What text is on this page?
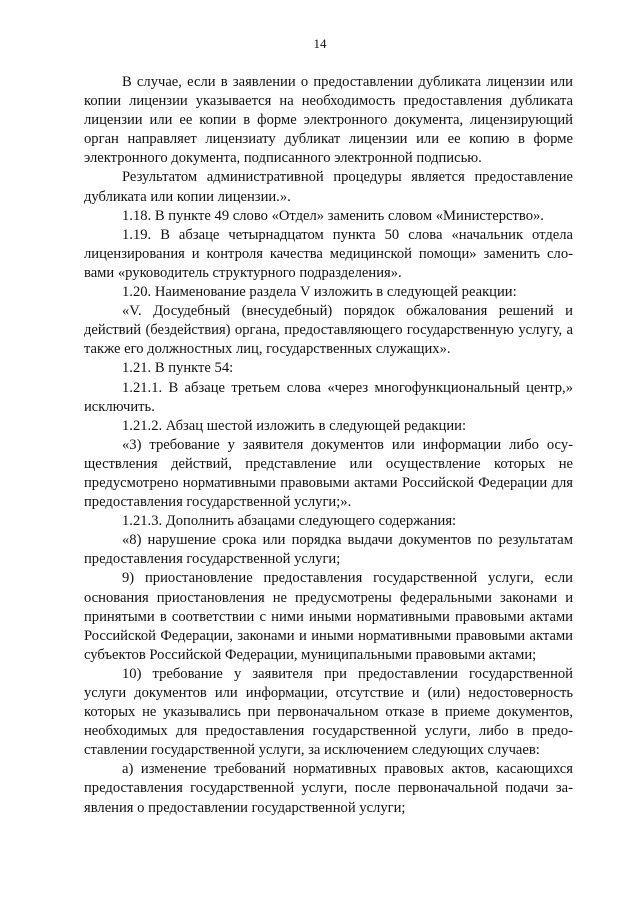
14

В случае, если в заявлении о предоставлении дубликата лицензии или копии лицензии указывается на необходимость предоставления дубликата лицензии или ее копии в форме электронного документа, лицензирующий орган направляет лицензиату дубликат лицензии или ее копию в форме электронного документа, подписанного электронной подписью.

Результатом административной процедуры является предоставление дубликата или копии лицензии.».

1.18. В пункте 49 слово «Отдел» заменить словом «Министерство».

1.19. В абзаце четырнадцатом пункта 50 слова «начальник отдела лицензирования и контроля качества медицинской помощи» заменить словами «руководитель структурного подразделения».

1.20. Наименование раздела V изложить в следующей реакции:

«V. Досудебный (внесудебный) порядок обжалования решений и действий (бездействия) органа, предоставляющего государственную услугу, а также его должностных лиц, государственных служащих».

1.21. В пункте 54:

1.21.1. В абзаце третьем слова «через многофункциональный центр,» исключить.

1.21.2. Абзац шестой изложить в следующей редакции:

«3) требование у заявителя документов или информации либо осуществления действий, представление или осуществление которых не предусмотрено нормативными правовыми актами Российской Федерации для предоставления государственной услуги;».

1.21.3. Дополнить абзацами следующего содержания:

«8) нарушение срока или порядка выдачи документов по результатам предоставления государственной услуги;

9) приостановление предоставления государственной услуги, если основания приостановления не предусмотрены федеральными законами и принятыми в соответствии с ними иными нормативными правовыми актами Российской Федерации, законами и иными нормативными правовыми актами субъектов Российской Федерации, муниципальными правовыми актами;

10) требование у заявителя при предоставлении государственной услуги документов или информации, отсутствие и (или) недостоверность которых не указывались при первоначальном отказе в приеме документов, необходимых для предоставления государственной услуги, либо в предоставлении государственной услуги, за исключением следующих случаев:

а) изменение требований нормативных правовых актов, касающихся предоставления государственной услуги, после первоначальной подачи заявления о предоставлении государственной услуги;
